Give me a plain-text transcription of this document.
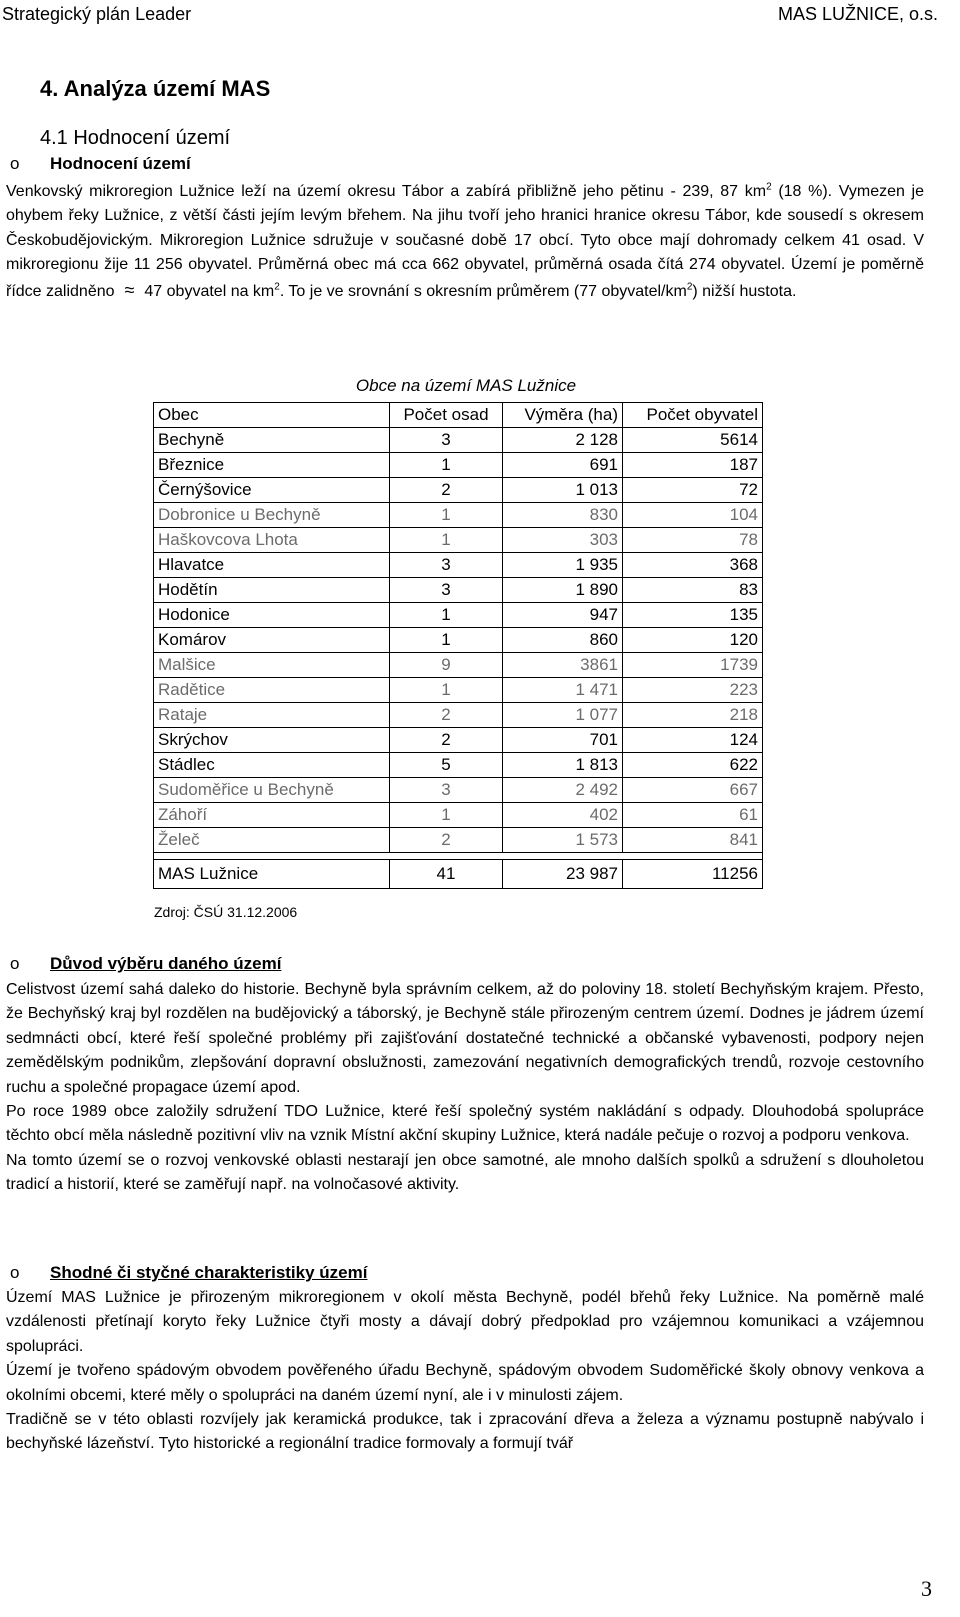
Strategický plán Leader	MAS LUŽNICE, o.s.
4. Analýza území MAS
4.1 Hodnocení území
o Hodnocení území

Venkovský mikroregion Lužnice leží na území okresu Tábor a zabírá přibližně jeho pětinu - 239, 87 $km^2$ (18 %). Vymezen je ohybem řeky Lužnice, z větší části jejím levým břehem. Na jihu tvoří jeho hranici hranice okresu Tábor, kde sousedí s okresem Českobudějovickým. Mikroregion Lužnice sdružuje v současné době 17 obcí. Tyto obce mají dohromady celkem 41 osad. V mikroregionu žije 11 256 obyvatel. Průměrná obec má cca 662 obyvatel, průměrná osada čítá 274 obyvatel. Území je poměrně řídce zalidněno ≈ 47 obyvatel na $km^2$. To je ve srovnání s okresním průměrem (77 obyvatel/$km^2$) nižší hustota.

Obce na území MAS Lužnice
Obec	Počet osad	Výměra (ha)	Počet obyvatel
Bechyně	3	2 128	5614
Březnice	1	691	187
Černýšovice	2	1 013	72
Dobronice u Bechyně	1	830	104
Haškovcova Lhota	1	303	78
Hlavatce	3	1 935	368
Hodětín	3	1 890	83
Hodonice	1	947	135
Komárov	1	860	120
Malšice	9	3861	1739
Radětice	1	1 471	223
Rataje	2	1 077	218
Skrýchov	2	701	124
Stádlec	5	1 813	622
Sudoměřice u Bechyně	3	2 492	667
Záhoří	1	402	61
Želeč	2	1 573	841

MAS Lužnice	41	23 987	11256
Zdroj: ČSÚ 31.12.2006
o Důvod výběru daného území

Celistvost území sahá daleko do historie. Bechyně byla správním celkem, až do poloviny 18. století Bechyňským krajem. Přesto, že Bechyňský kraj byl rozdělen na budějovický a táborský, je Bechyně stále přirozeným centrem území. Dodnes je jádrem území sedmnácti obcí, které řeší společné problémy při zajišťování dostatečné technické a občanské vybavenosti, podpory nejen zemědělským podnikům, zlepšování dopravní obslužnosti, zamezování negativních demografických trendů, rozvoje cestovního ruchu a společné propagace území apod.

Po roce 1989 obce založily sdružení TDO Lužnice, které řeší společný systém nakládání s odpady. Dlouhodobá spolupráce těchto obcí měla následně pozitivní vliv na vznik Místní akční skupiny Lužnice, která nadále pečuje o rozvoj a podporu venkova.

Na tomto území se o rozvoj venkovské oblasti nestarají jen obce samotné, ale mnoho dalších spolků a sdružení s dlouholetou tradicí a historií, které se zaměřují např. na volnočasové aktivity.

o Shodné či styčné charakteristiky území

Území MAS Lužnice je přirozeným mikroregionem v okolí města Bechyně, podél břehů řeky Lužnice. Na poměrně malé vzdálenosti přetínají koryto řeky Lužnice čtyři mosty a dávají dobrý předpoklad pro vzájemnou komunikaci a vzájemnou spolupráci.

Území je tvořeno spádovým obvodem pověřeného úřadu Bechyně, spádovým obvodem Sudoměřické školy obnovy venkova a okolními obcemi, které měly o spolupráci na daném území nyní, ale i v minulosti zájem.

Tradičně se v této oblasti rozvíjely jak keramická produkce, tak i zpracování dřeva a železa a významu postupně nabývalo i bechyňské lázeňství. Tyto historické a regionální tradice formovaly a formují tvář

3
